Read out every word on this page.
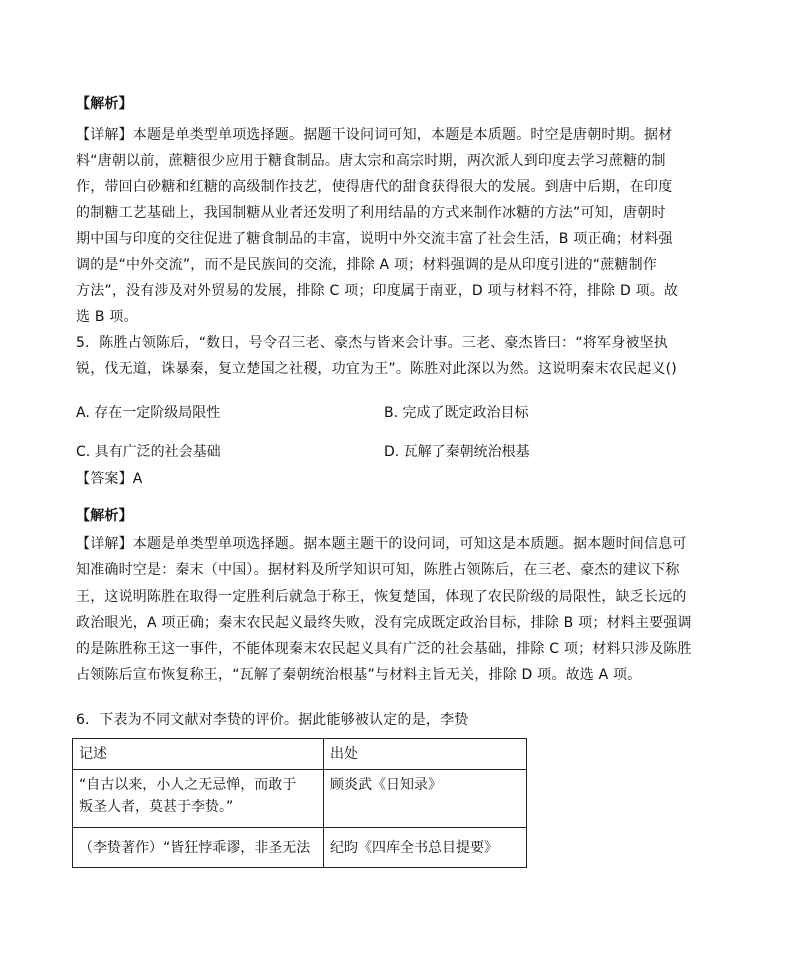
【解析】
【详解】本题是单类型单项选择题。据题干设问词可知，本题是本质题。时空是唐朝时期。据材
料“唐朝以前，蔗糖很少应用于糖食制品。唐太宗和高宗时期，两次派人到印度去学习蔗糖的制
作，带回白砂糖和红糖的高级制作技艺，使得唐代的甜食获得很大的发展。到唐中后期，在印度
的制糖工艺基础上，我国制糖从业者还发明了利用结晶的方式来制作冰糖的方法”可知，唐朝时
期中国与印度的交往促进了糖食制品的丰富，说明中外交流丰富了社会生活，B 项正确；材料强
调的是“中外交流”，而不是民族间的交流，排除 A 项；材料强调的是从印度引进的“蔗糖制作
方法”，没有涉及对外贸易的发展，排除 C 项；印度属于南亚，D 项与材料不符，排除 D 项。故
选 B 项。
5．陈胜占领陈后，“数日，号令召三老、豪杰与皆来会计事。三老、豪杰皆曰：“将军身被坚执
锐，伐无道，诛暴秦，复立楚国之社稷，功宜为王”。陈胜对此深以为然。这说明秦末农民起义()
A. 存在一定阶级局限性	B. 完成了既定政治目标
C. 具有广泛的社会基础	D. 瓦解了秦朝统治根基
【答案】A
【解析】
【详解】本题是单类型单项选择题。据本题主题干的设问词，可知这是本质题。据本题时间信息可
知准确时空是：秦末（中国）。据材料及所学知识可知，陈胜占领陈后，在三老、豪杰的建议下称
王，这说明陈胜在取得一定胜利后就急于称王，恢复楚国，体现了农民阶级的局限性，缺乏长远的
政治眼光，A 项正确；秦末农民起义最终失败，没有完成既定政治目标，排除 B 项；材料主要强调
的是陈胜称王这一事件，不能体现秦末农民起义具有广泛的社会基础，排除 C 项；材料只涉及陈胜
占领陈后宣布恢复称王，“瓦解了秦朝统治根基”与材料主旨无关，排除 D 项。故选 A 项。
6．下表为不同文献对李贽的评价。据此能够被认定的是，李贽
记述	出处

“自古以来，小人之无忌惮，而敢于
叛圣人者，莫甚于李贽。”	顾炎武《日知录》

（李贽著作）“皆狂悖乖谬，非圣无法	纪昀《四库全书总目提要》
